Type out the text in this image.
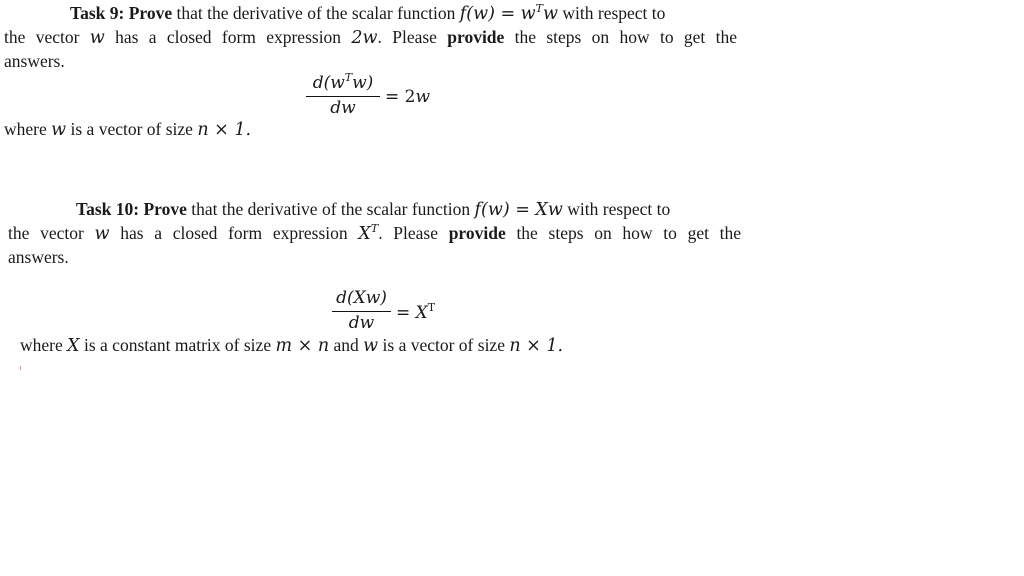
Task 9: Prove that the derivative of the scalar function $f(w) = w^Tw$ with respect to
the vector w has a closed form expression 2w. Please provide the steps on how to get the
answers.
$d(w^Tw)$
dw
= 2w
where w is a vector of size n × 1.
Task 10: Prove that the derivative of the scalar function f(w) = Xw with respect to
the vector w has a closed form expression $X^T$. Please provide the steps on how to get the
answers.
d(Xw)
dw	= $X^T$
where X is a constant matrix of size m × n and w is a vector of size n × 1.
